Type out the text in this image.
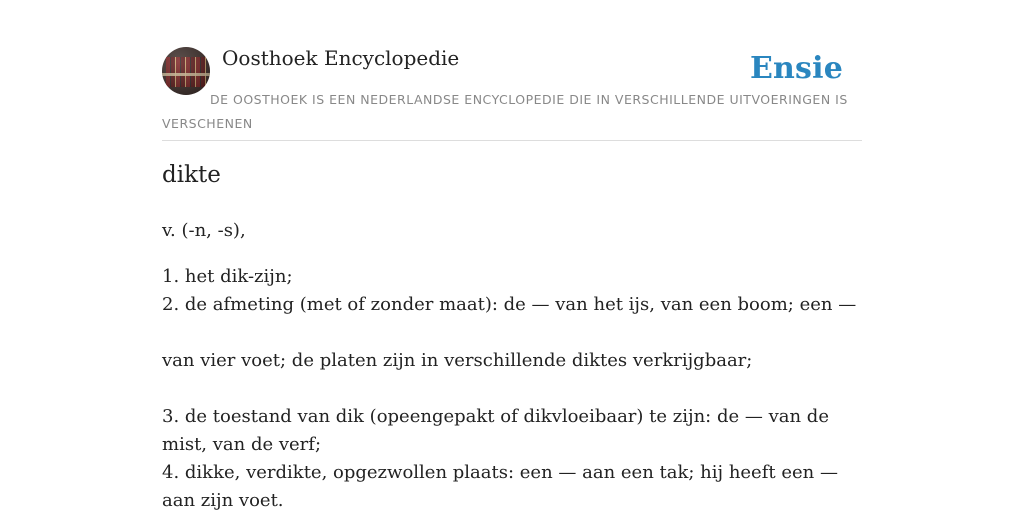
Oosthoek Encyclopedie	Ensie
DE OOSTHOEK IS EEN NEDERLANDSE ENCYCLOPEDIE DIE IN VERSCHILLENDE UITVOERINGEN IS VERSCHENEN
dikte
v. (-n, -s),
1. het dik-zijn;
2. de afmeting (met of zonder maat): de — van het ijs, van een boom; een —
van vier voet; de platen zijn in verschillende diktes verkrijgbaar;
3. de toestand van dik (opeengepakt of dikvloeibaar) te zijn: de — van de mist, van de verf;
4. dikke, verdikte, opgezwollen plaats: een — aan een tak; hij heeft een — aan zijn voet.
